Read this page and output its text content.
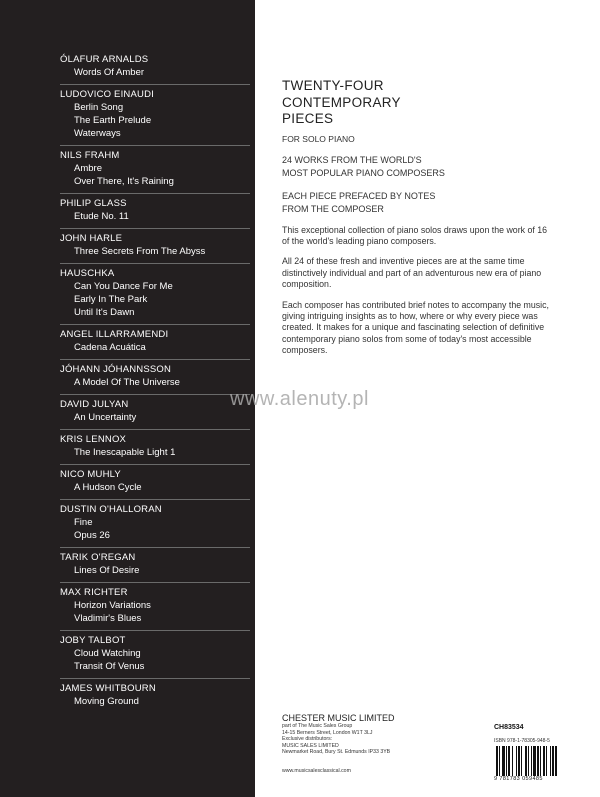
ÓLAFUR ARNALDS
Words Of Amber
LUDOVICO EINAUDI
Berlin Song
The Earth Prelude
Waterways
NILS FRAHM
Ambre
Over There, It's Raining
PHILIP GLASS
Etude No. 11
JOHN HARLE
Three Secrets From The Abyss
HAUSCHKA
Can You Dance For Me
Early In The Park
Until It's Dawn
ANGEL ILLARRAMENDI
Cadena Acuática
JÓHANN JÓHANNSSON
A Model Of The Universe
DAVID JULYAN
An Uncertainty
KRIS LENNOX
The Inescapable Light 1
NICO MUHLY
A Hudson Cycle
DUSTIN O'HALLORAN
Fine
Opus 26
TARIK O'REGAN
Lines Of Desire
MAX RICHTER
Horizon Variations
Vladimir's Blues
JOBY TALBOT
Cloud Watching
Transit Of Venus
JAMES WHITBOURN
Moving Ground
TWENTY-FOUR
CONTEMPORARY
PIECES
FOR SOLO PIANO
24 WORKS FROM THE WORLD'S
MOST POPULAR PIANO COMPOSERS
EACH PIECE PREFACED BY NOTES
FROM THE COMPOSER
This exceptional collection of piano solos draws upon the work of 16 of the world's leading piano composers.
All 24 of these fresh and inventive pieces are at the same time distinctively individual and part of an adventurous new era of piano composition.
Each composer has contributed brief notes to accompany the music, giving intriguing insights as to how, where or why every piece was created. It makes for a unique and fascinating selection of definitive contemporary piano solos from some of today's most accessible composers.
www.alenuty.pl
CHESTER MUSIC LIMITED
part of The Music Sales Group
14-15 Berners Street, London W1T 3LJ
Exclusive distributors:
MUSIC SALES LIMITED
Newmarket Road, Bury St. Edmunds IP33 3YB
www.musicsalesclassical.com
CH83534
ISBN 978-1-78305-948-5
9 781783 059485
